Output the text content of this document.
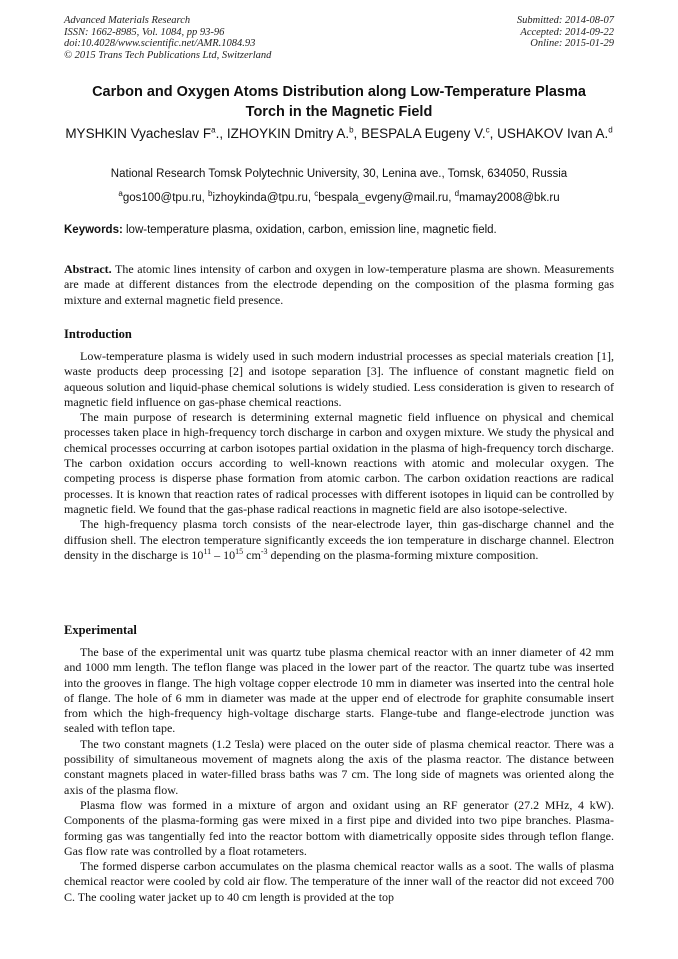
Advanced Materials Research
ISSN: 1662-8985, Vol. 1084, pp 93-96
doi:10.4028/www.scientific.net/AMR.1084.93
© 2015 Trans Tech Publications Ltd, Switzerland
Submitted: 2014-08-07
Accepted: 2014-09-22
Online: 2015-01-29
Carbon and Oxygen Atoms Distribution along Low-Temperature Plasma
Torch in the Magnetic Field
MYSHKIN Vyacheslav $F^a$., IZHOYKIN Dmitry A.$^b$, BESPALA Eugeny V.$^c$, USHAKOV Ivan A.$^d$
National Research Tomsk Polytechnic University, 30, Lenina ave., Tomsk, 634050, Russia
$^a$gos100@tpu.ru, $^b$izhoykinda@tpu.ru, $^c$bespala_evgeny@mail.ru, $^d$mamay2008@bk.ru
Keywords: low-temperature plasma, oxidation, carbon, emission line, magnetic field.

Abstract. The atomic lines intensity of carbon and oxygen in low-temperature plasma are shown. Measurements are made at different distances from the electrode depending on the composition of the plasma forming gas mixture and external magnetic field presence.

Introduction

Low-temperature plasma is widely used in such modern industrial processes as special materials creation [1], waste products deep processing [2] and isotope separation [3]. The influence of constant magnetic field on aqueous solution and liquid-phase chemical solutions is widely studied. Less consideration is given to research of magnetic field influence on gas-phase chemical reactions.

The main purpose of research is determining external magnetic field influence on physical and chemical processes taken place in high-frequency torch discharge in carbon and oxygen mixture. We study the physical and chemical processes occurring at carbon isotopes partial oxidation in the plasma of high-frequency torch discharge. The carbon oxidation occurs according to well-known reactions with atomic and molecular oxygen. The competing process is disperse phase formation from atomic carbon. The carbon oxidation reactions are radical processes. It is known that reaction rates of radical processes with different isotopes in liquid can be controlled by magnetic field. We found that the gas-phase radical reactions in magnetic field are also isotope-selective.

The high-frequency plasma torch consists of the near-electrode layer, thin gas-discharge channel and the diffusion shell. The electron temperature significantly exceeds the ion temperature in discharge channel. Electron density in the discharge is $10^{11} - 10^{15}$ $cm^{-3}$ depending on the plasma-forming mixture composition.

Experimental

The base of the experimental unit was quartz tube plasma chemical reactor with an inner diameter of 42 mm and 1000 mm length. The teflon flange was placed in the lower part of the reactor. The quartz tube was inserted into the grooves in flange. The high voltage copper electrode 10 mm in diameter was inserted into the central hole of flange. The hole of 6 mm in diameter was made at the upper end of electrode for graphite consumable insert from which the high-frequency high-voltage discharge starts. Flange-tube and flange-electrode junction was sealed with teflon tape.

The two constant magnets (1.2 Tesla) were placed on the outer side of plasma chemical reactor. There was a possibility of simultaneous movement of magnets along the axis of the plasma reactor. The distance between constant magnets placed in water-filled brass baths was 7 cm. The long side of magnets was oriented along the axis of the plasma flow.

Plasma flow was formed in a mixture of argon and oxidant using an RF generator (27.2 MHz, 4 kW). Components of the plasma-forming gas were mixed in a first pipe and divided into two pipe branches. Plasma-forming gas was tangentially fed into the reactor bottom with diametrically opposite sides through teflon flange. Gas flow rate was controlled by a float rotameters.

The formed disperse carbon accumulates on the plasma chemical reactor walls as a soot. The walls of plasma chemical reactor were cooled by cold air flow. The temperature of the inner wall of the reactor did not exceed 700 C. The cooling water jacket up to 40 cm length is provided at the top
